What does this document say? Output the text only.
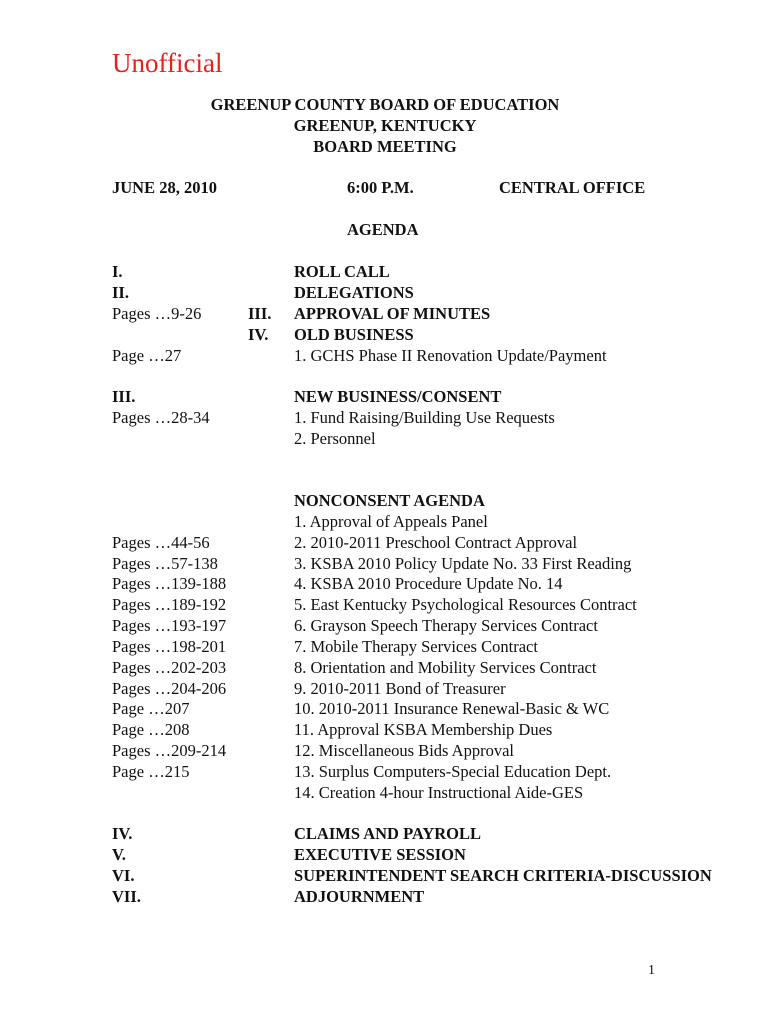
Unofficial
GREENUP COUNTY BOARD OF EDUCATION
GREENUP, KENTUCKY
BOARD MEETING
JUNE 28, 2010	6:00 P.M.	CENTRAL OFFICE
AGENDA
I.	ROLL CALL
II.	DELEGATIONS
Pages …9-26	III. APPROVAL OF MINUTES
IV. OLD BUSINESS
Page …27	1. GCHS Phase II Renovation Update/Payment
III.	NEW BUSINESS/CONSENT
Pages …28-34	1. Fund Raising/Building Use Requests
2. Personnel
NONCONSENT AGENDA
1. Approval of Appeals Panel
Pages …44-56	2. 2010-2011 Preschool Contract Approval
Pages …57-138	3. KSBA 2010 Policy Update No. 33 First Reading
Pages …139-188	4. KSBA 2010 Procedure Update No. 14
Pages …189-192	5. East Kentucky Psychological Resources Contract
Pages …193-197	6. Grayson Speech Therapy Services Contract
Pages …198-201	7. Mobile Therapy Services Contract
Pages …202-203	8. Orientation and Mobility Services Contract
Pages …204-206	9. 2010-2011 Bond of Treasurer
Page …207	10. 2010-2011 Insurance Renewal-Basic & WC
Page …208	11. Approval KSBA Membership Dues
Pages …209-214	12. Miscellaneous Bids Approval
Page …215	13. Surplus Computers-Special Education Dept.
14. Creation 4-hour Instructional Aide-GES
IV.	CLAIMS AND PAYROLL
V.	EXECUTIVE SESSION
VI.	SUPERINTENDENT SEARCH CRITERIA-DISCUSSION
VII.	ADJOURNMENT
1
